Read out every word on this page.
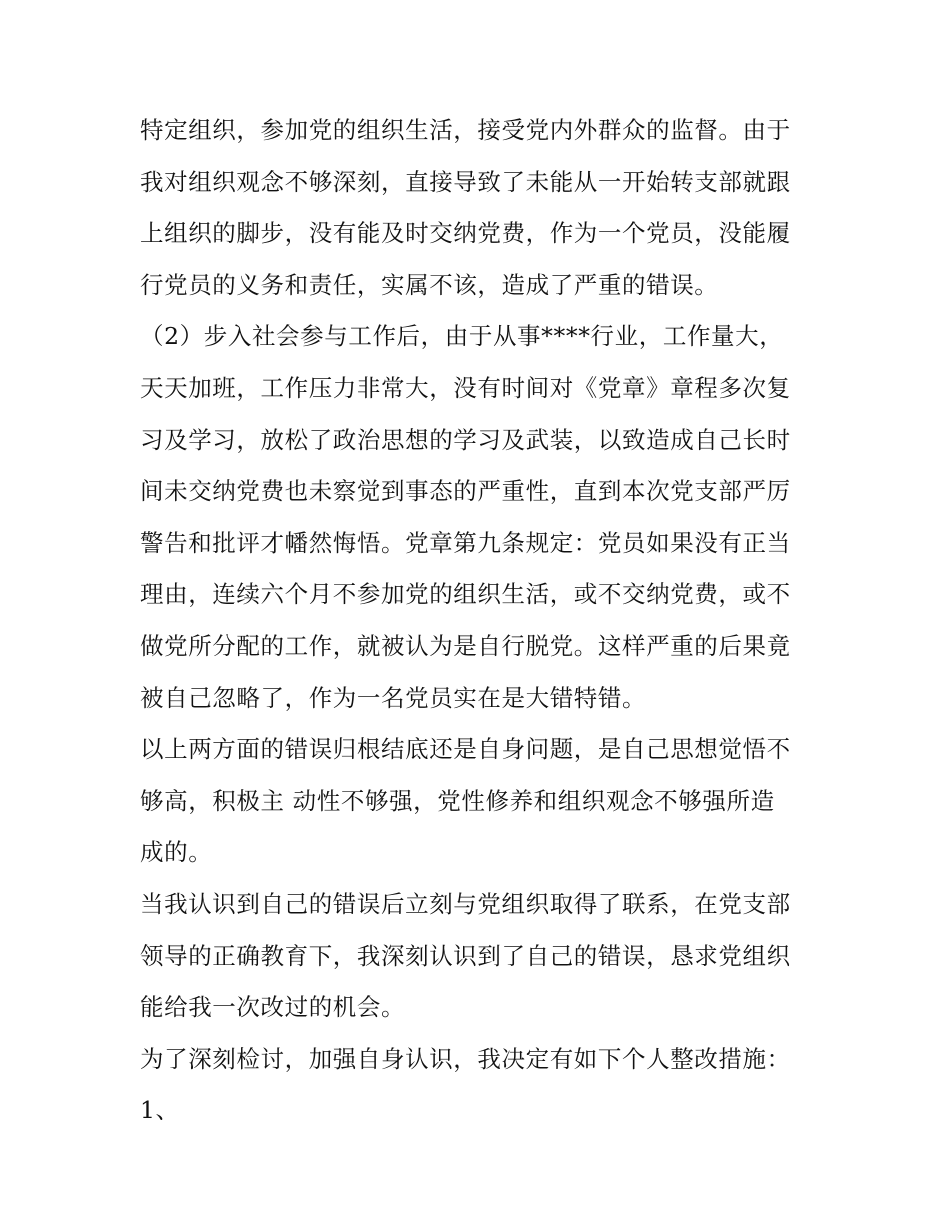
特定组织，参加党的组织生活，接受党内外群众的监督。由于
我对组织观念不够深刻，直接导致了未能从一开始转支部就跟
上组织的脚步，没有能及时交纳党费，作为一个党员，没能履
行党员的义务和责任，实属不该，造成了严重的错误。
（2）步入社会参与工作后，由于从事****行业，工作量大，
天天加班，工作压力非常大，没有时间对《党章》章程多次复
习及学习，放松了政治思想的学习及武装，以致造成自己长时
间未交纳党费也未察觉到事态的严重性，直到本次党支部严厉
警告和批评才幡然悔悟。党章第九条规定：党员如果没有正当
理由，连续六个月不参加党的组织生活，或不交纳党费，或不
做党所分配的工作，就被认为是自行脱党。这样严重的后果竟
被自己忽略了，作为一名党员实在是大错特错。
以上两方面的错误归根结底还是自身问题，是自己思想觉悟不
够高，积极主 动性不够强，党性修养和组织观念不够强所造
成的。
当我认识到自己的错误后立刻与党组织取得了联系，在党支部
领导的正确教育下，我深刻认识到了自己的错误，恳求党组织
能给我一次改过的机会。
为了深刻检讨，加强自身认识，我决定有如下个人整改措施：
1、
